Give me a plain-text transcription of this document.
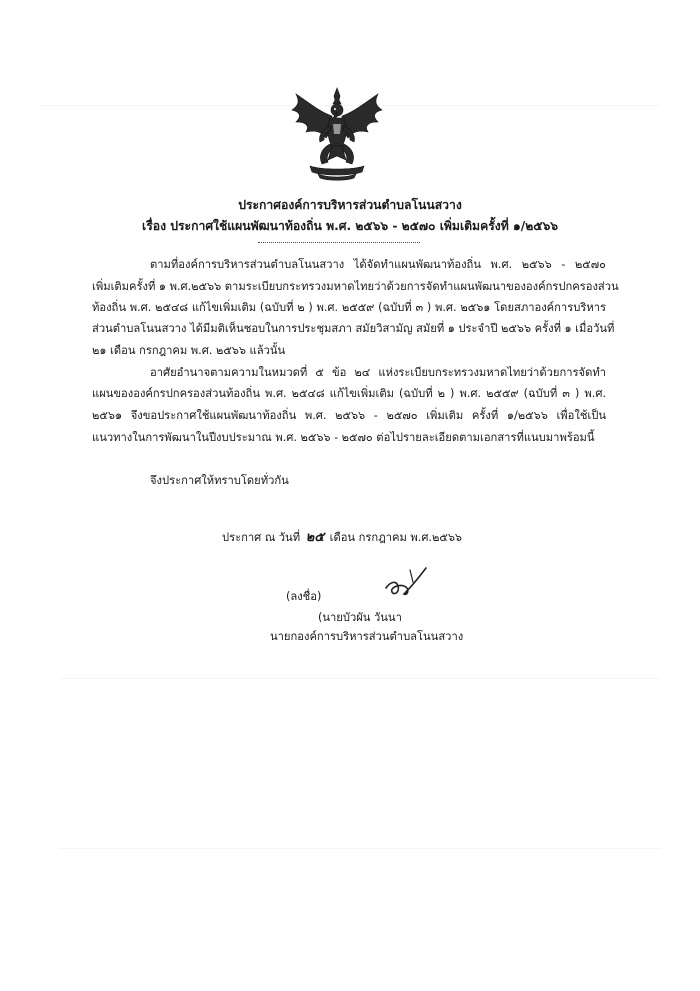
ประกาศองค์การบริหารส่วนตำบลโนนสวาง
เรื่อง ประกาศใช้แผนพัฒนาท้องถิ่น พ.ศ. ๒๕๖๖ - ๒๕๗๐ เพิ่มเติมครั้งที่ ๑/๒๕๖๖
ตามที่องค์การบริหารส่วนตำบลโนนสวาง ได้จัดทำแผนพัฒนาท้องถิ่น พ.ศ. ๒๕๖๖ - ๒๕๗๐
เพิ่มเติมครั้งที่ ๑ พ.ศ.๒๕๖๖ ตามระเบียบกระทรวงมหาดไทยว่าด้วยการจัดทำแผนพัฒนาขององค์กรปกครองส่วน
ท้องถิ่น พ.ศ. ๒๕๔๘ แก้ไขเพิ่มเติม (ฉบับที่ ๒ ) พ.ศ. ๒๕๕๙ (ฉบับที่ ๓ ) พ.ศ. ๒๕๖๑ โดยสภาองค์การบริหาร
ส่วนตำบลโนนสวาง ได้มีมติเห็นชอบในการประชุมสภา สมัยวิสามัญ สมัยที่ ๑ ประจำปี ๒๕๖๖ ครั้งที่ ๑ เมื่อวันที่
๒๑ เดือน กรกฎาคม พ.ศ. ๒๕๖๖ แล้วนั้น
อาศัยอำนาจตามความในหมวดที่ ๕ ข้อ ๒๔ แห่งระเบียบกระทรวงมหาดไทยว่าด้วยการจัดทำ
แผนขององค์กรปกครองส่วนท้องถิ่น พ.ศ. ๒๕๔๘ แก้ไขเพิ่มเติม (ฉบับที่ ๒ ) พ.ศ. ๒๕๕๙ (ฉบับที่ ๓ ) พ.ศ.
๒๕๖๑ จึงขอประกาศใช้แผนพัฒนาท้องถิ่น พ.ศ. ๒๕๖๖ - ๒๕๗๐ เพิ่มเติม ครั้งที่ ๑/๒๕๖๖ เพื่อใช้เป็น
แนวทางในการพัฒนาในปีงบประมาณ พ.ศ. ๒๕๖๖ - ๒๕๗๐ ต่อไปรายละเอียดตามเอกสารที่แนบมาพร้อมนี้
จึงประกาศให้ทราบโดยทั่วกัน
ประกาศ ณ วันที่ ๒๕ เดือน กรกฎาคม พ.ศ.๒๕๖๖
(ลงชื่อ)
(นายบัวผัน วันนา
นายกองค์การบริหารส่วนตำบลโนนสวาง
